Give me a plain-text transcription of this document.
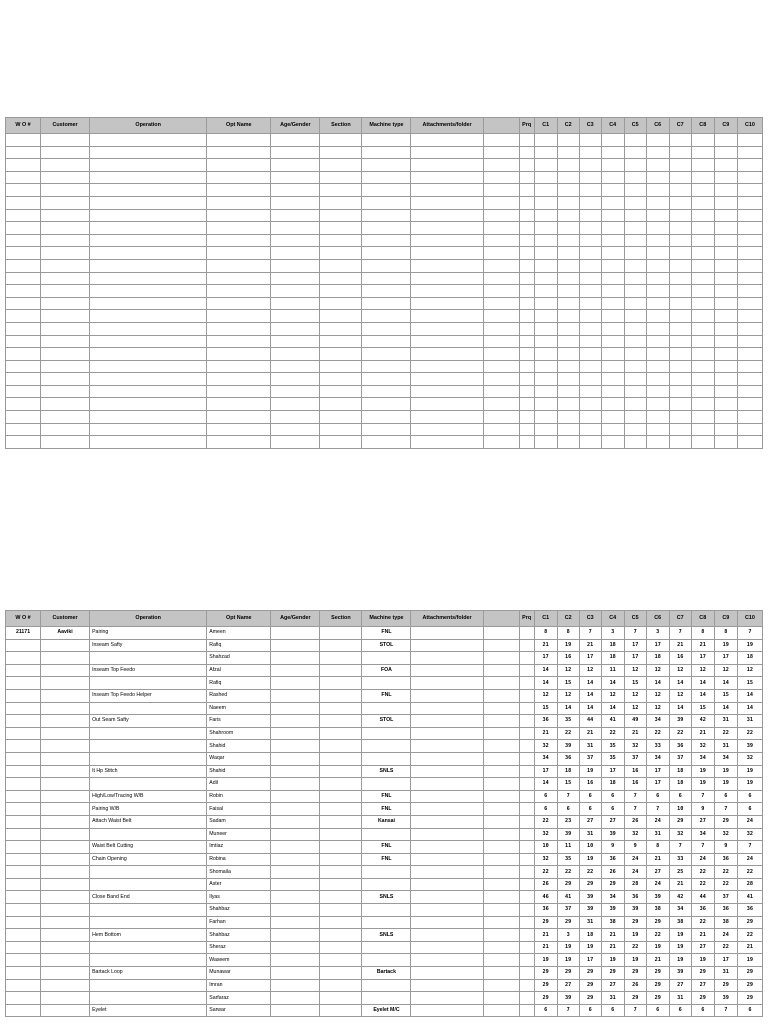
W O #	Customer	Operation	Opt Name	Age/Gender	Section	Machine type	Attachments/folder		Prq	C1	C2	C3	C4	C5	C6	C7	C8	C9	C10

W O #	Customer	Operation	Opt Name	Age/Gender	Section	Machine type	Attachments/folder		Prq	C1	C2	C3	C4	C5	C6	C7	C8	C9	C10
21171	Aaviki	Pairing	Ameen			FNL				8	8	7	3	7	3	7	8	8	7
		Inseam Safty	Rafiq			STOL				21	19	21	18	17	17	21	21	19	19
			Shahzad							17	16	17	18	17	18	16	17	17	18
		Inseam Top Feedo	Afzal			FOA				14	12	12	11	12	12	12	12	12	12
			Rafiq							14	15	14	14	15	14	14	14	14	15
		Inseam Top Feedo Helper	Rashed			FNL				12	12	14	12	12	12	12	14	15	14
			Naeem							15	14	14	14	12	12	14	15	14	14
		Out Seam Safty	Faris			STOL				36	35	44	41	49	34	39	42	31	31
			Shahroom							21	22	21	22	21	22	22	21	22	22
			Shahid							32	39	31	35	32	33	36	32	31	39
			Waqar							34	36	37	35	37	34	37	34	34	32
		It Hp Stitch	Shahid			SNLS				17	18	19	17	16	17	18	19	19	19
			Adil							14	15	16	18	16	17	18	19	19	19
		High/Low/Tracing W/B	Robin			FNL				6	7	6	6	7	6	6	7	6	6
		Pairing W/B	Faisal			FNL				6	6	6	6	7	7	10	9	7	6
		Attach Waist Belt	Sadam			Kansai				22	23	27	27	26	24	29	27	29	24
			Muneer							32	39	31	39	32	31	32	34	32	32
		Waist Belt Cutting	Imtiaz			FNL				10	11	10	9	9	8	7	7	9	7
		Chain Opening	Robina			FNL				32	35	19	36	24	21	33	24	36	24
			Shomaila							22	22	22	26	24	27	25	22	22	22
			Aster							26	29	29	29	28	24	21	22	22	28
		Close Band End	Ilyas			SNLS				46	41	39	34	36	39	42	44	37	41
			Shahbaz							36	37	39	39	39	38	34	36	36	36
			Farhan							29	29	31	38	29	29	38	22	38	29
		Hem Bottom	Shahbaz			SNLS				21	3	18	21	19	22	19	21	24	22
			Sheraz							21	19	19	21	22	19	19	27	22	21
			Waseem							19	19	17	19	19	21	19	19	17	19
		Bartack Loop	Munawar			Bartack				29	29	29	29	29	29	39	29	31	29
			Imran							29	27	29	27	26	29	27	27	29	29
			Sarfaraz							29	39	29	31	29	29	31	29	39	29
		Eyelet	Sarwar			Eyelet M/C				6	7	6	6	7	6	6	6	7	6
